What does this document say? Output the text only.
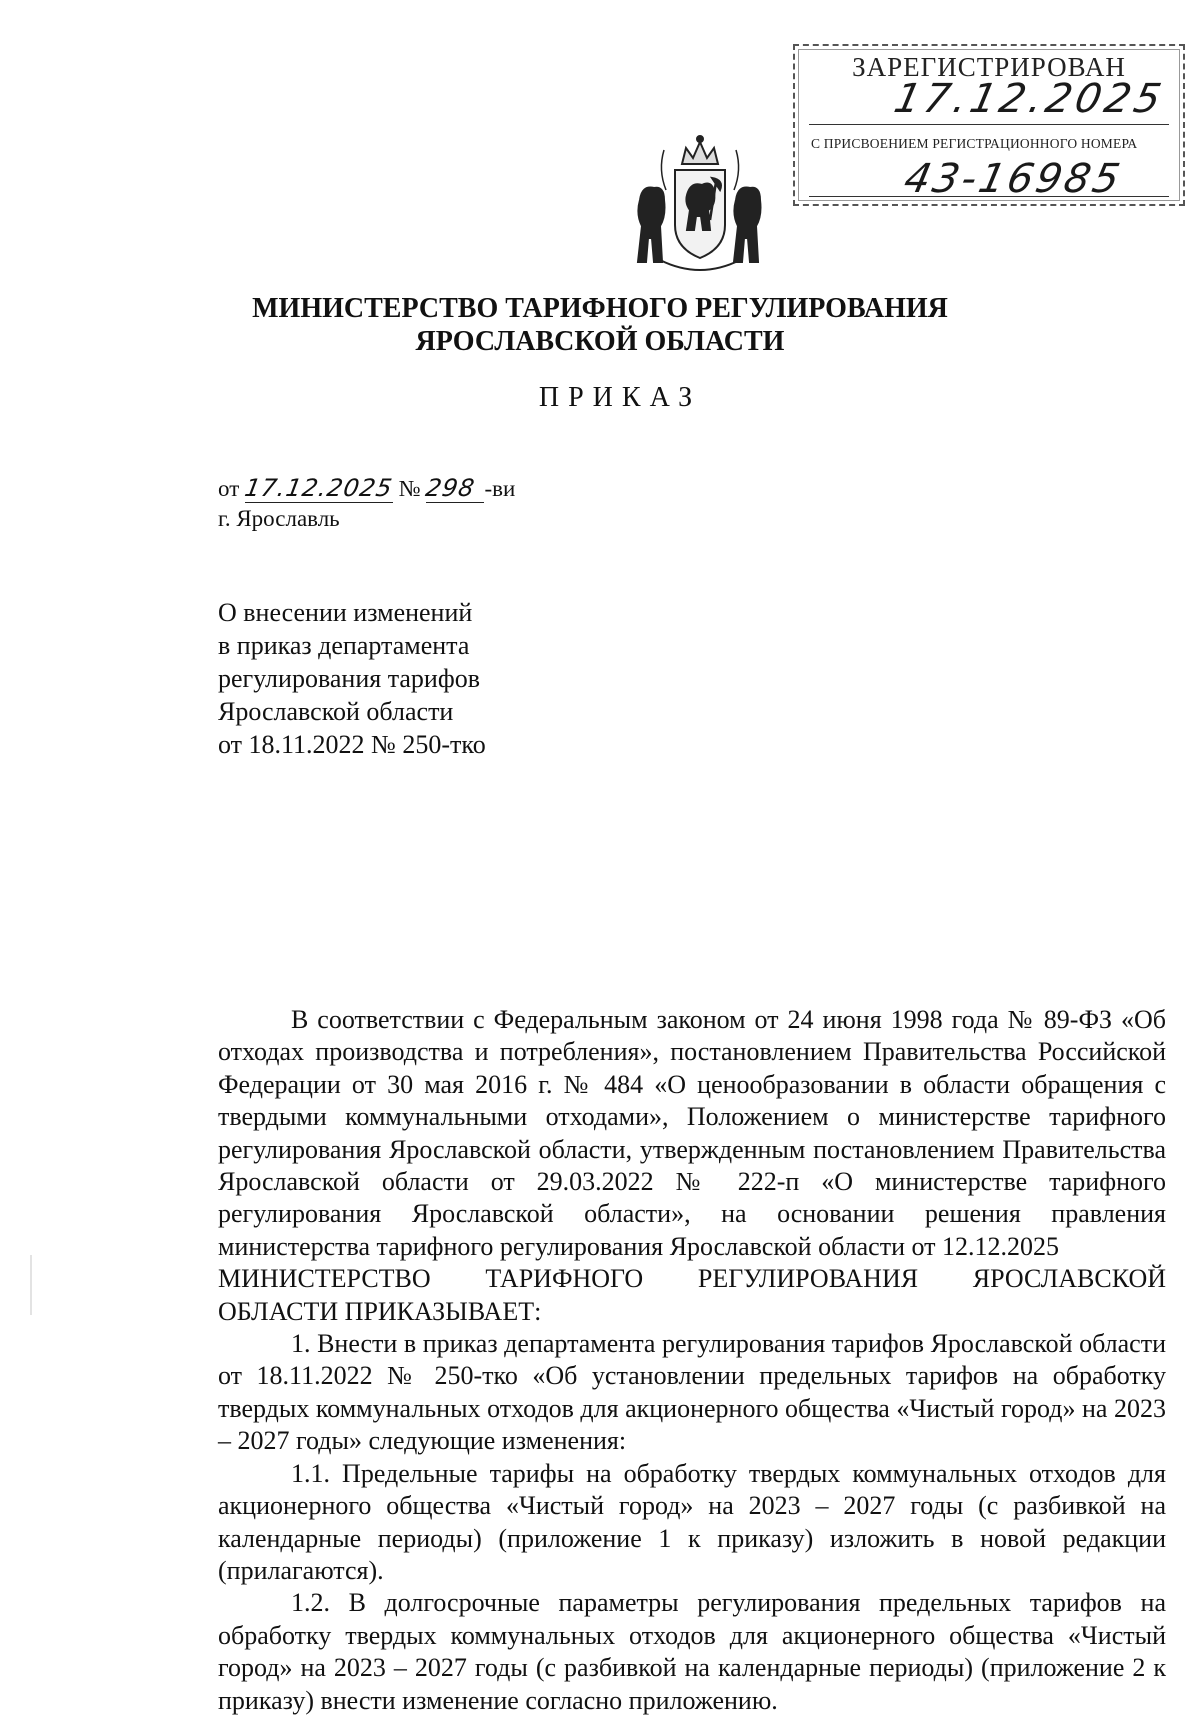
ЗАРЕГИСТРИРОВАН
17.12.2025
С ПРИСВОЕНИЕМ РЕГИСТРАЦИОННОГО НОМЕРА
43-16985
МИНИСТЕРСТВО ТАРИФНОГО РЕГУЛИРОВАНИЯ
ЯРОСЛАВСКОЙ ОБЛАСТИ
ПРИКАЗ
от 17.12.2025 № 298 -ви
г. Ярославль
О внесении изменений
в приказ департамента
регулирования тарифов
Ярославской области
от 18.11.2022 № 250-тко

В соответствии с Федеральным законом от 24 июня 1998 года № 89-ФЗ «Об отходах производства и потребления», постановлением Правительства Российской Федерации от 30 мая 2016 г. № 484 «О ценообразовании в области обращения с твердыми коммунальными отходами», Положением о министерстве тарифного регулирования Ярославской области, утвержденным постановлением Правительства Ярославской области от 29.03.2022 № 222-п «О министерстве тарифного регулирования Ярославской области», на основании решения правления министерства тарифного регулирования Ярославской области от 12.12.2025

МИНИСТЕРСТВО ТАРИФНОГО РЕГУЛИРОВАНИЯ ЯРОСЛАВСКОЙ

ОБЛАСТИ ПРИКАЗЫВАЕТ:

1. Внести в приказ департамента регулирования тарифов Ярославской области от 18.11.2022 № 250-тко «Об установлении предельных тарифов на обработку твердых коммунальных отходов для акционерного общества «Чистый город» на 2023 – 2027 годы» следующие изменения:

1.1. Предельные тарифы на обработку твердых коммунальных отходов для акционерного общества «Чистый город» на 2023 – 2027 годы (с разбивкой на календарные периоды) (приложение 1 к приказу) изложить в новой редакции (прилагаются).

1.2. В долгосрочные параметры регулирования предельных тарифов на обработку твердых коммунальных отходов для акционерного общества «Чистый город» на 2023 – 2027 годы (с разбивкой на календарные периоды) (приложение 2 к приказу) внести изменение согласно приложению.
